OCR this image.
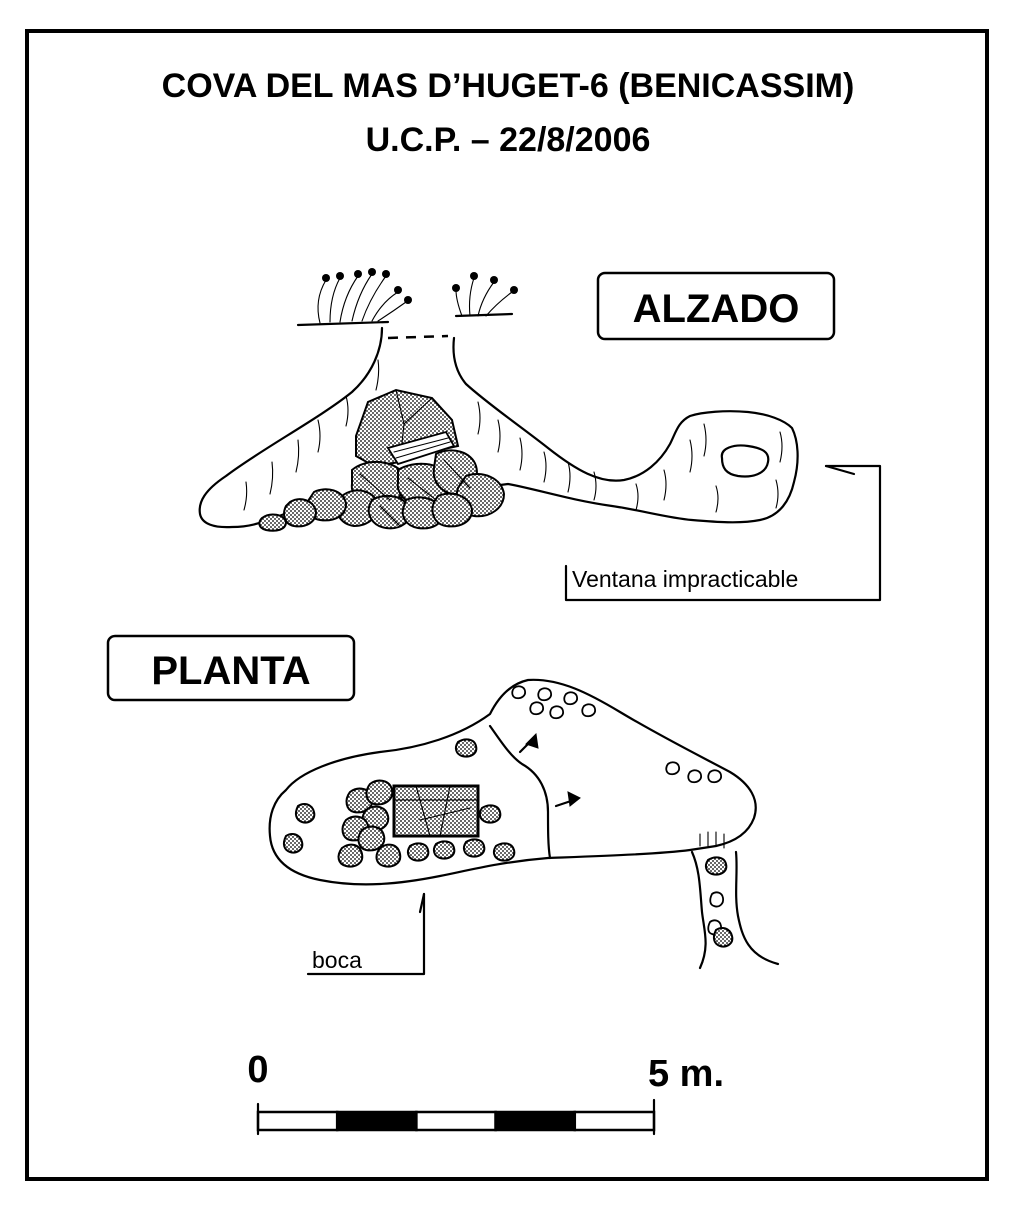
COVA DEL MAS D’HUGET-6 (BENICASSIM)
U.C.P. – 22/8/2006
ALZADO
Ventana impracticable
PLANTA
boca
0	5 m.
